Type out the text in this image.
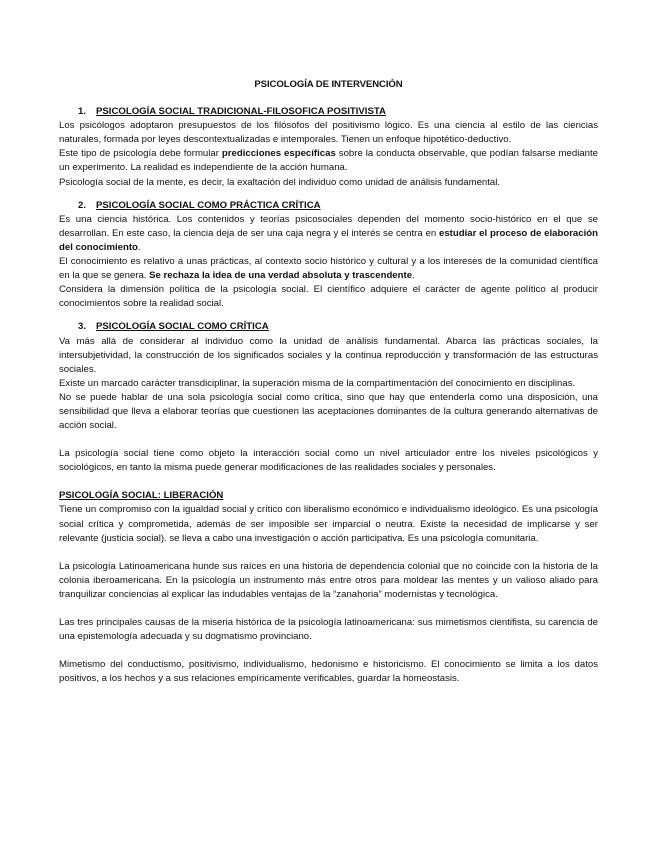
PSICOLOGÍA DE INTERVENCIÓN
1. PSICOLOGÍA SOCIAL TRADICIONAL-FILOSOFICA POSITIVISTA

Los psicólogos adoptaron presupuestos de los filósofos del positivismo lógico. Es una ciencia al estilo de las ciencias naturales, formada por leyes descontextualizadas e intemporales. Tienen un enfoque hipotético-deductivo.

Este tipo de psicología debe formular predicciones específicas sobre la conducta observable, que podían falsarse mediante un experimento. La realidad es independiente de la acción humana.

Psicología social de la mente, es decir, la exaltación del individuo como unidad de análisis fundamental.

2. PSICOLOGÍA SOCIAL COMO PRÁCTICA CRÍTICA

Es una ciencia histórica. Los contenidos y teorías psicosociales dependen del momento socio-histórico en el que se desarrollan. En este caso, la ciencia deja de ser una caja negra y el interés se centra en estudiar el proceso de elaboración del conocimiento.

El conocimiento es relativo a unas prácticas, al contexto socio histórico y cultural y a los intereses de la comunidad científica en la que se genera. Se rechaza la idea de una verdad absoluta y trascendente.

Considera la dimensión política de la psicología social. El científico adquiere el carácter de agente político al producir conocimientos sobre la realidad social.

3. PSICOLOGÍA SOCIAL COMO CRÍTICA

Va más allá de considerar al individuo como la unidad de análisis fundamental. Abarca las prácticas sociales, la intersubjetividad, la construcción de los significados sociales y la continua reproducción y transformación de las estructuras sociales.

Existe un marcado carácter transdiciplinar, la superación misma de la compartimentación del conocimiento en disciplinas.

No se puede hablar de una sola psicología social como crítica, sino que hay que entenderla como una disposición, una sensibilidad que lleva a elaborar teorías que cuestionen las aceptaciones dominantes de la cultura generando alternativas de acción social.

La psicología social tiene como objeto la interacción social como un nivel articulador entre los niveles psicológicos y sociológicos, en tanto la misma puede generar modificaciones de las realidades sociales y personales.

PSICOLOGÍA SOCIAL: LIBERACIÓN

Tiene un compromiso con la igualdad social y crítico con liberalismo económico e individualismo ideológico. Es una psicología social crítica y comprometida, además de ser imposible ser imparcial o neutra. Existe la necesidad de implicarse y ser relevante (justicia social). se lleva a cabo una investigación o acción participativa. Es una psicología comunitaria.

La psicología Latinoamericana hunde sus raíces en una historia de dependencia colonial que no coincide con la historia de la colonia iberoamericana. En la psicología un instrumento más entre otros para moldear las mentes y un valioso aliado para tranquilizar conciencias al explicar las indudables ventajas de la “zanahoria” modernistas y tecnológica.

Las tres principales causas de la miseria histórica de la psicología latinoamericana: sus mimetismos cientifista, su carencia de una epistemología adecuada y su dogmatismo provinciano.

Mimetismo del conductismo, positivismo, individualismo, hedonismo e historicismo. El conocimiento se limita a los datos positivos, a los hechos y a sus relaciones empíricamente verificables, guardar la homeostasis.
